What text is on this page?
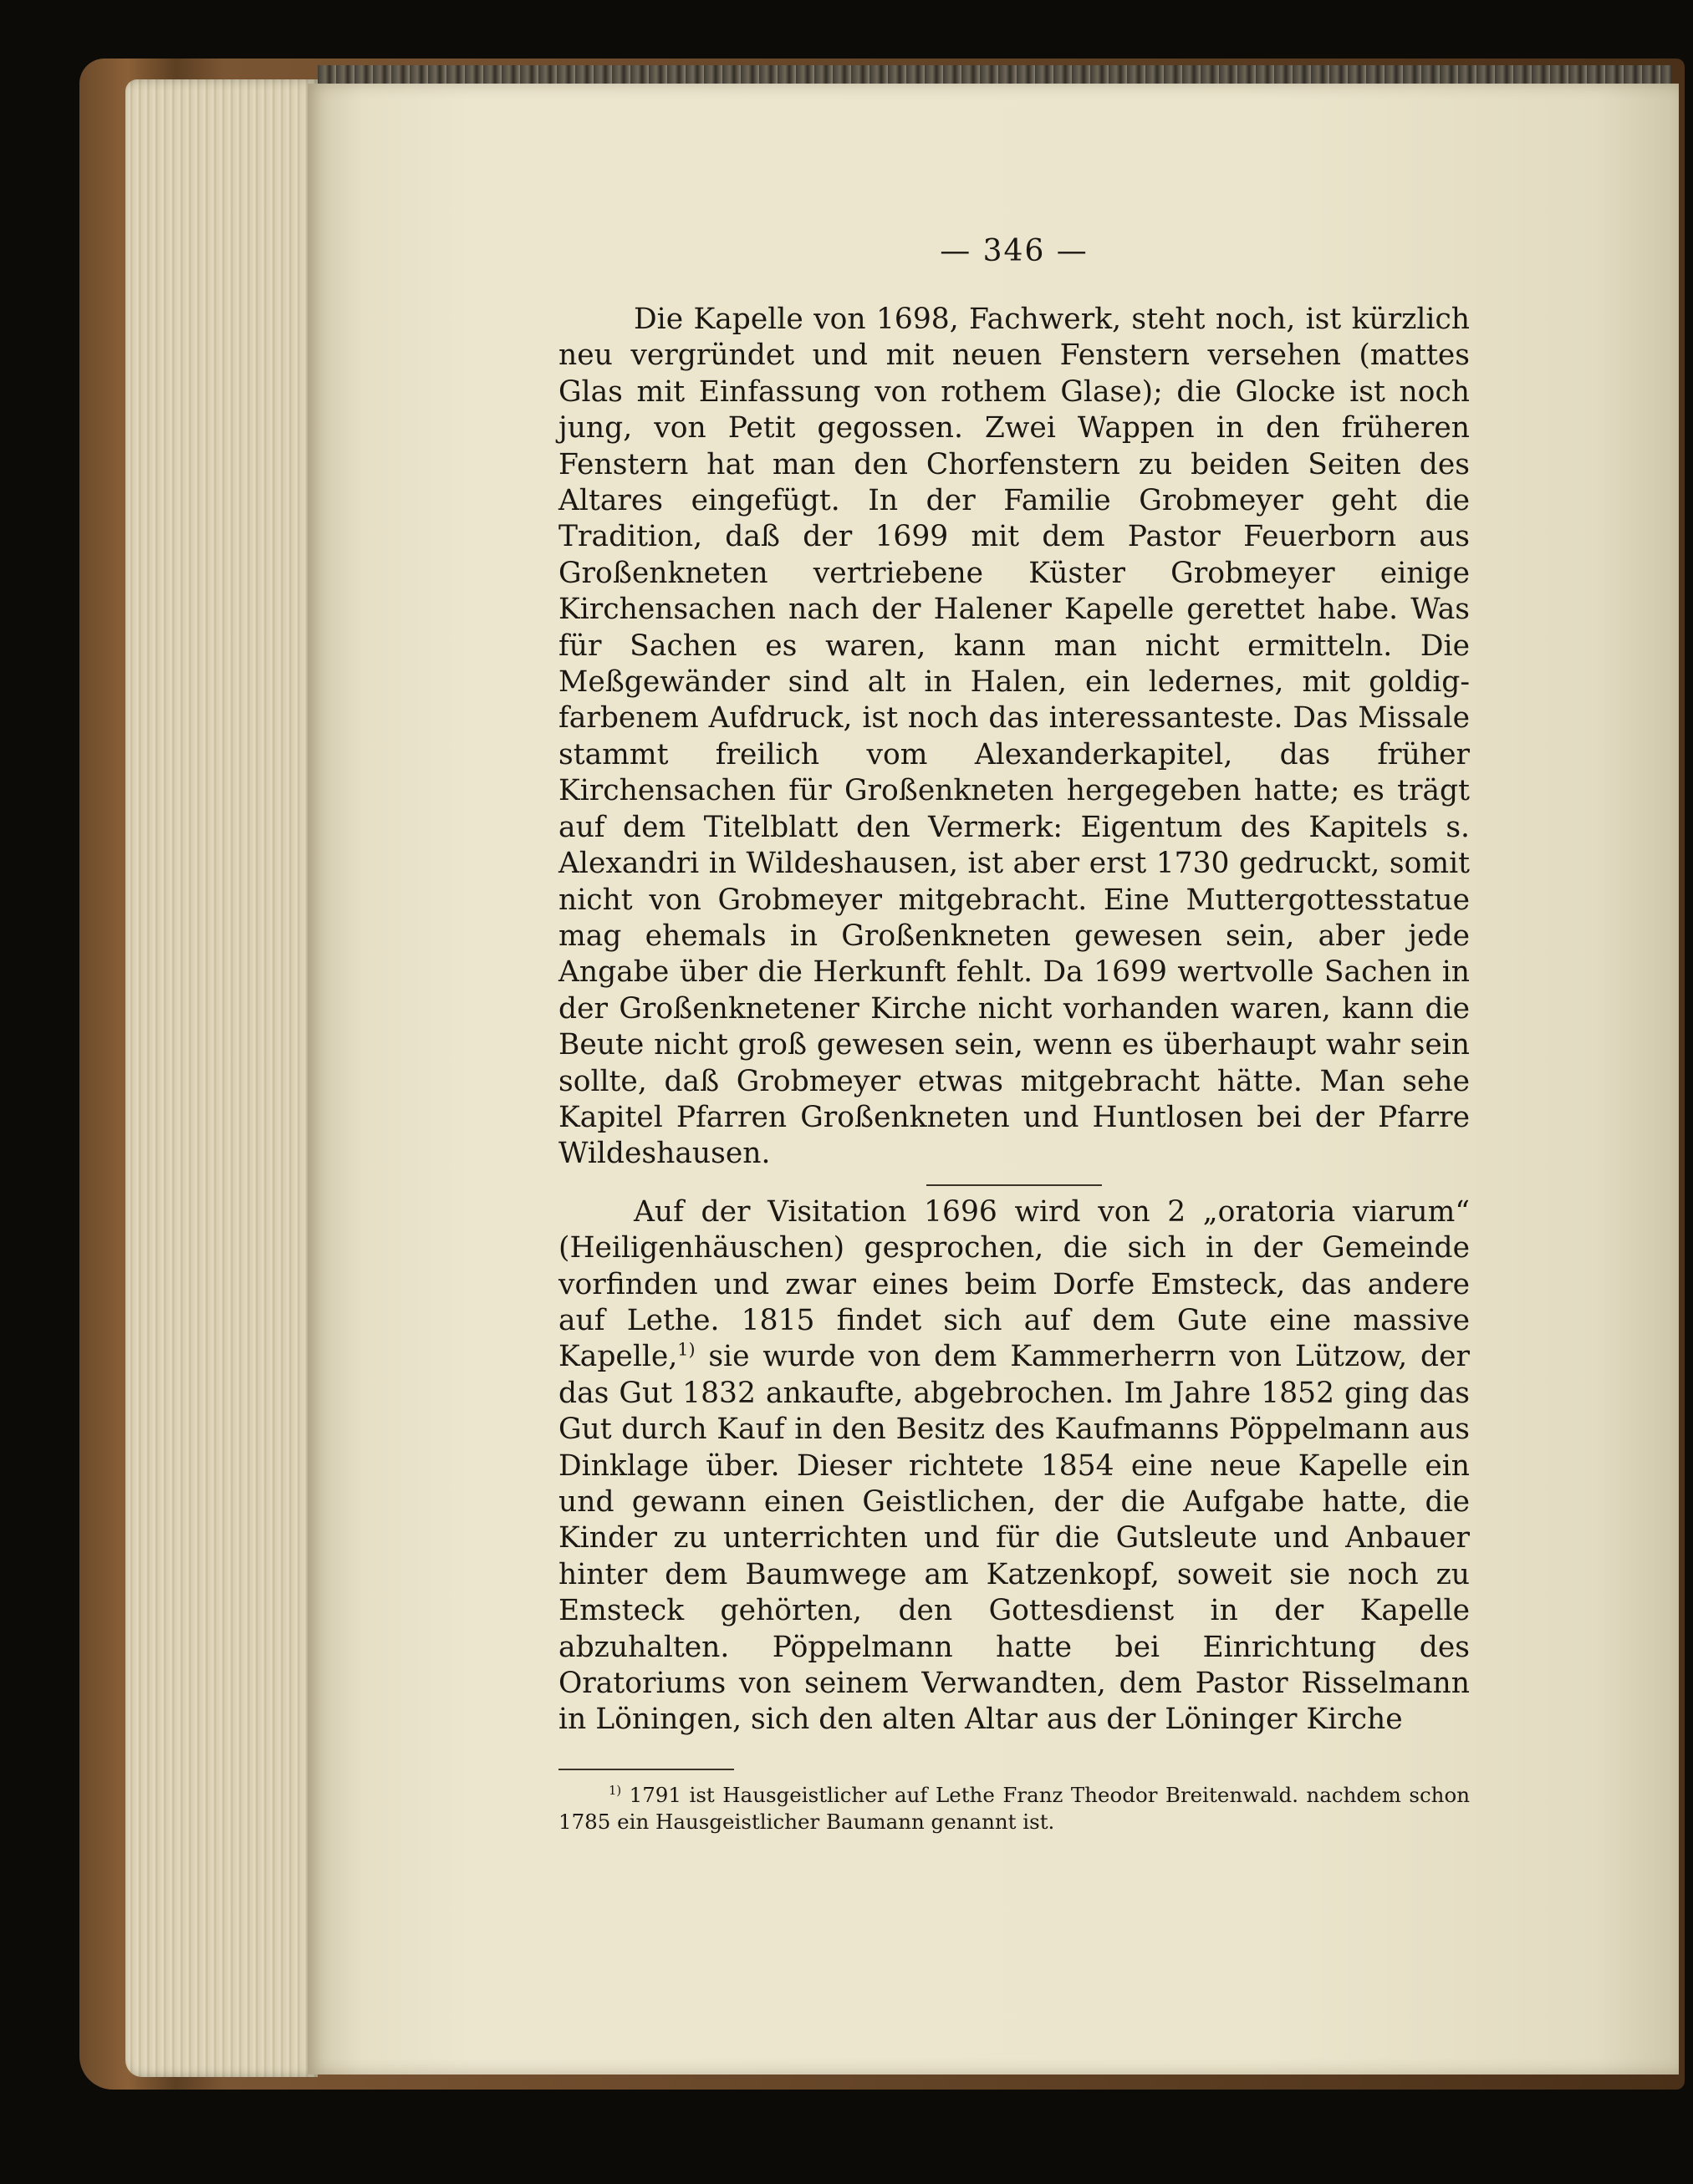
— 346 —

Die Kapelle von 1698, Fachwerk, steht noch, ist kürzlich neu vergründet und mit neuen Fenstern versehen (mattes Glas mit Einfassung von rothem Glase); die Glocke ist noch jung, von Petit gegossen. Zwei Wappen in den früheren Fenstern hat man den Chorfenstern zu beiden Seiten des Altares eingefügt. In der Familie Grobmeyer geht die Tradition, daß der 1699 mit dem Pastor Feuerborn aus Großenkneten vertriebene Küster Grobmeyer einige Kirchensachen nach der Halener Kapelle gerettet habe. Was für Sachen es waren, kann man nicht ermitteln. Die Meßgewänder sind alt in Halen, ein ledernes, mit goldig-farbenem Aufdruck, ist noch das interessanteste. Das Missale stammt freilich vom Alexanderkapitel, das früher Kirchensachen für Großenkneten hergegeben hatte; es trägt auf dem Titelblatt den Vermerk: Eigentum des Kapitels s. Alexandri in Wildeshausen, ist aber erst 1730 gedruckt, somit nicht von Grobmeyer mitgebracht. Eine Muttergottesstatue mag ehemals in Großenkneten gewesen sein, aber jede Angabe über die Herkunft fehlt. Da 1699 wertvolle Sachen in der Großenknetener Kirche nicht vorhanden waren, kann die Beute nicht groß gewesen sein, wenn es überhaupt wahr sein sollte, daß Grobmeyer etwas mitgebracht hätte. Man sehe Kapitel Pfarren Großenkneten und Huntlosen bei der Pfarre Wildeshausen.

Auf der Visitation 1696 wird von 2 „oratoria viarum“ (Heiligenhäuschen) gesprochen, die sich in der Gemeinde vorfinden und zwar eines beim Dorfe Emsteck, das andere auf Lethe. 1815 findet sich auf dem Gute eine massive Kapelle,$^{1)}$ sie wurde von dem Kammerherrn von Lützow, der das Gut 1832 ankaufte, abgebrochen. Im Jahre 1852 ging das Gut durch Kauf in den Besitz des Kaufmanns Pöppelmann aus Dinklage über. Dieser richtete 1854 eine neue Kapelle ein und gewann einen Geistlichen, der die Aufgabe hatte, die Kinder zu unterrichten und für die Gutsleute und Anbauer hinter dem Baumwege am Katzenkopf, soweit sie noch zu Emsteck gehörten, den Gottesdienst in der Kapelle abzuhalten. Pöppelmann hatte bei Einrichtung des Oratoriums von seinem Verwandten, dem Pastor Risselmann in Löningen, sich den alten Altar aus der Löninger Kirche

$^{1)}$ 1791 ist Hausgeistlicher auf Lethe Franz Theodor Breitenwald. nachdem schon 1785 ein Hausgeistlicher Baumann genannt ist.
